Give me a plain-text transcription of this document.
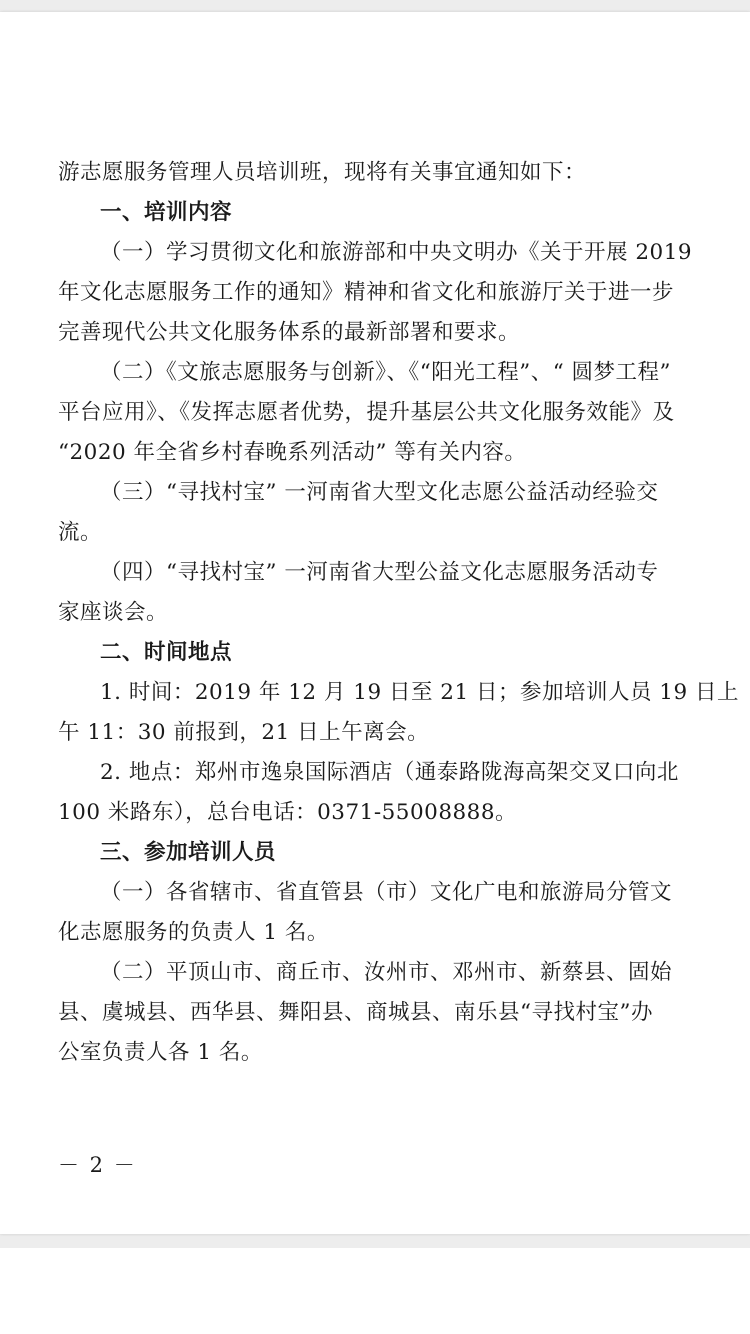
游志愿服务管理人员培训班，现将有关事宜通知如下：

一、培训内容

（一）学习贯彻文化和旅游部和中央文明办《关于开展 2019

年文化志愿服务工作的通知》精神和省文化和旅游厅关于进一步

完善现代公共文化服务体系的最新部署和要求。

（二）《文旅志愿服务与创新》、《“阳光工程”、“ 圆梦工程”

平台应用》、《发挥志愿者优势，提升基层公共文化服务效能》及

“2020 年全省乡村春晚系列活动” 等有关内容。

（三）“寻找村宝” 一河南省大型文化志愿公益活动经验交

流。

（四）“寻找村宝” 一河南省大型公益文化志愿服务活动专

家座谈会。

二、时间地点

1. 时间：2019 年 12 月 19 日至 21 日；参加培训人员 19 日上

午 11：30 前报到，21 日上午离会。

2. 地点：郑州市逸泉国际酒店（通泰路陇海高架交叉口向北

100 米路东），总台电话：0371-55008888。

三、参加培训人员

（一）各省辖市、省直管县（市）文化广电和旅游局分管文

化志愿服务的负责人 1 名。

（二）平顶山市、商丘市、汝州市、邓州市、新蔡县、固始

县、虞城县、西华县、舞阳县、商城县、南乐县“寻找村宝”办

公室负责人各 1 名。

－ 2 －
